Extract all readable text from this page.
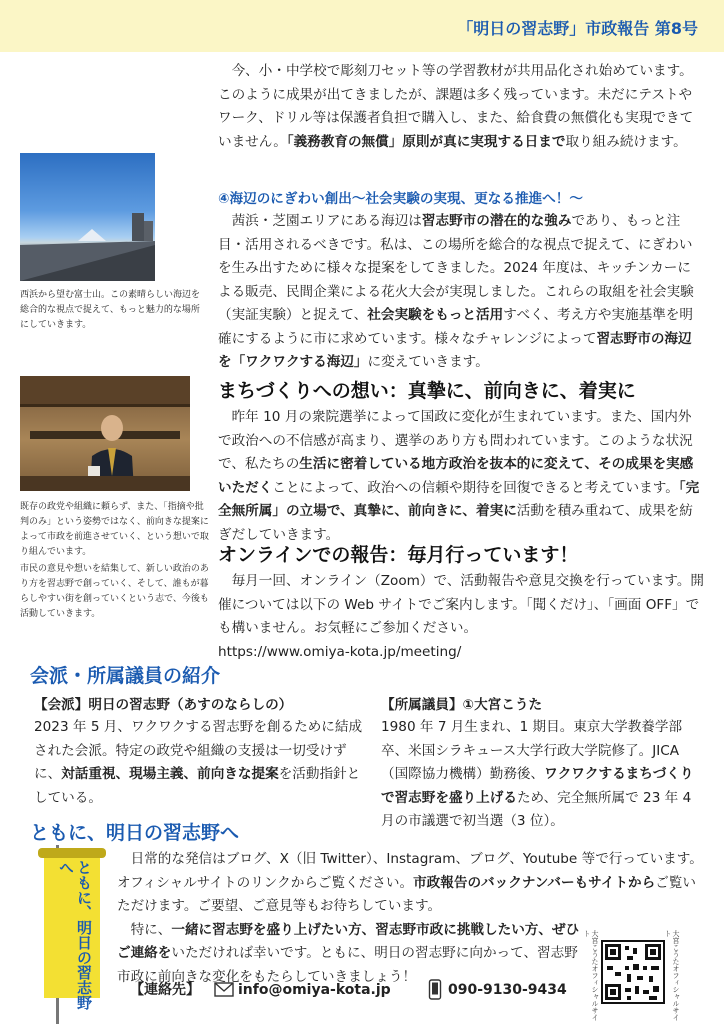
「明日の習志野」市政報告 第8号
今、小・中学校で彫刻刀セット等の学習教材が共用品化され始めています。このように成果が出てきましたが、課題は多く残っています。未だにテストやワーク、ドリル等は保護者負担で購入し、また、給食費の無償化も実現できていません。「義務教育の無償」原則が真に実現する日まで取り組み続けます。
西浜から望む富士山。この素晴らしい海辺を総合的な視点で捉えて、もっと魅力的な場所にしていきます。
④海辺のにぎわい創出～社会実験の実現、更なる推進へ！～
茜浜・芝園エリアにある海辺は習志野市の潜在的な強みであり、もっと注目・活用されるべきです。私は、この場所を総合的な視点で捉えて、にぎわいを生み出すために様々な提案をしてきました。2024 年度は、キッチンカーによる販売、民間企業による花火大会が実現しました。これらの取組を社会実験（実証実験）と捉えて、社会実験をもっと活用すべく、考え方や実施基準を明確にするように市に求めています。様々なチャレンジによって習志野市の海辺を「ワクワクする海辺」に変えていきます。
既存の政党や組織に頼らず、また、「指摘や批判のみ」という姿勢ではなく、前向きな提案によって市政を前進させていく、という想いで取り組んでいます。
市民の意見や想いを結集して、新しい政治のあり方を習志野で創っていく、そして、誰もが暮らしやすい街を創っていくという志で、今後も活動していきます。
まちづくりへの想い：真摯に、前向きに、着実に
昨年 10 月の衆院選挙によって国政に変化が生まれています。また、国内外で政治への不信感が高まり、選挙のあり方も問われています。このような状況で、私たちの生活に密着している地方政治を抜本的に変えて、その成果を実感いただくことによって、政治への信頼や期待を回復できると考えています。「完全無所属」の立場で、真摯に、前向きに、着実に活動を積み重ねて、成果を紡ぎだしていきます。
オンラインでの報告：毎月行っています！
毎月一回、オンライン（Zoom）で、活動報告や意見交換を行っています。開催については以下の Web サイトでご案内します。「聞くだけ」、「画面 OFF」でも構いません。お気軽にご参加ください。
https://www.omiya-kota.jp/meeting/
会派・所属議員の紹介
【会派】明日の習志野（あすのならしの）
2023 年 5 月、ワクワクする習志野を創るために結成された会派。特定の政党や組織の支援は一切受けずに、対話重視、現場主義、前向きな提案を活動指針としている。
【所属議員】①大宮こうた
1980 年 7 月生まれ、1 期目。東京大学教養学部卒、米国シラキュース大学行政大学院修了。JICA（国際協力機構）勤務後、ワクワクするまちづくりで習志野を盛り上げるため、完全無所属で 23 年 4 月の市議選で初当選（3 位）。
ともに、明日の習志野へ
ともに、明日の習志野へ
日常的な発信はブログ、X（旧 Twitter）、Instagram、ブログ、Youtube 等で行っています。オフィシャルサイトのリンクからご覧ください。市政報告のバックナンバーもサイトからご覧いただけます。ご要望、ご意見等もお待ちしています。
特に、一緒に習志野を盛り上げたい方、習志野市政に挑戦したい方、ぜひご連絡をいただければ幸いです。ともに、明日の習志野に向かって、習志野市政に前向きな変化をもたらしていきましょう！
【連絡先】	info@omiya-kota.jp	090-9130-9434	大宮こうたオフィシャルサイト	大宮こうたオフィシャルサイト
